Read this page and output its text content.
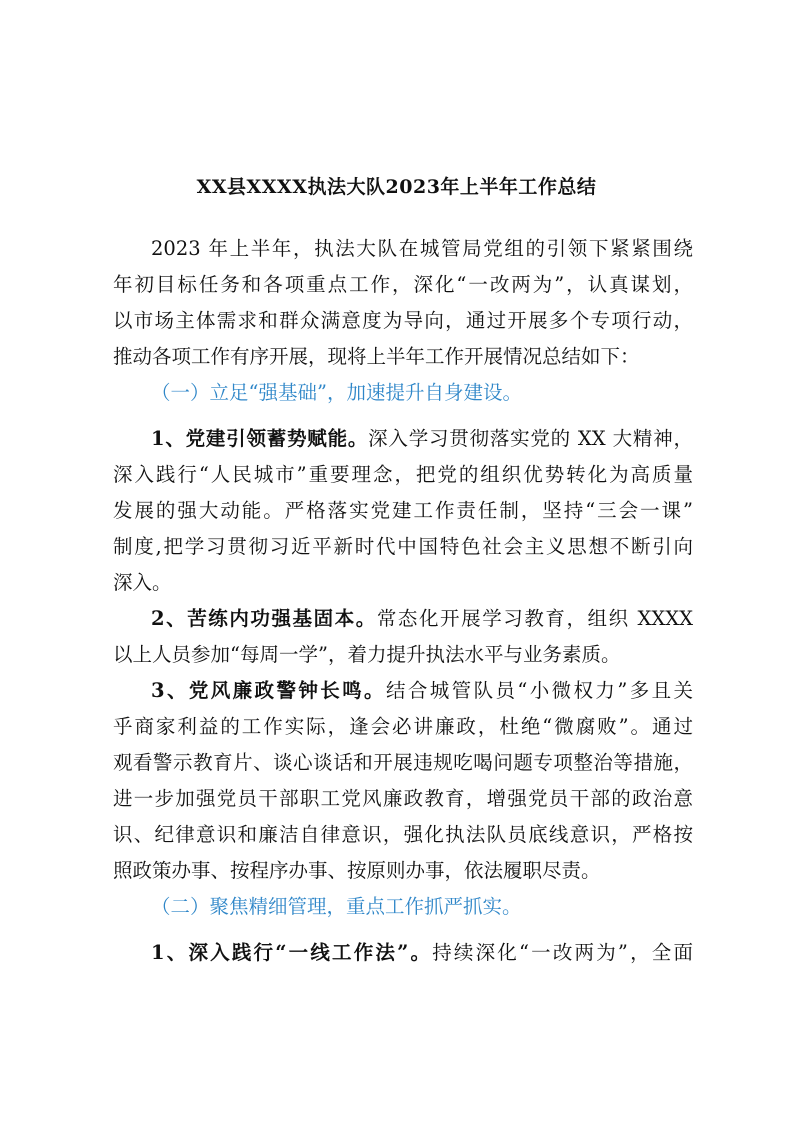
XX县XXXX执法大队2023年上半年工作总结
2023 年上半年，执法大队在城管局党组的引领下紧紧围绕
年初目标任务和各项重点工作，深化“一改两为”，认真谋划，
以市场主体需求和群众满意度为导向，通过开展多个专项行动，
推动各项工作有序开展，现将上半年工作开展情况总结如下：
（一）立足“强基础”，加速提升自身建设。
1、党建引领蓄势赋能。深入学习贯彻落实党的 XX 大精神，
深入践行“人民城市”重要理念，把党的组织优势转化为高质量
发展的强大动能。严格落实党建工作责任制，坚持“三会一课”
制度,把学习贯彻习近平新时代中国特色社会主义思想不断引向
深入。
2、苦练内功强基固本。常态化开展学习教育，组织 XXXX
以上人员参加“每周一学”，着力提升执法水平与业务素质。
3、党风廉政警钟长鸣。结合城管队员“小微权力”多且关
乎商家利益的工作实际，逢会必讲廉政，杜绝“微腐败”。通过
观看警示教育片、谈心谈话和开展违规吃喝问题专项整治等措施，
进一步加强党员干部职工党风廉政教育，增强党员干部的政治意
识、纪律意识和廉洁自律意识，强化执法队员底线意识，严格按
照政策办事、按程序办事、按原则办事，依法履职尽责。
（二）聚焦精细管理，重点工作抓严抓实。
1、深入践行“一线工作法”。持续深化“一改两为”，全面
